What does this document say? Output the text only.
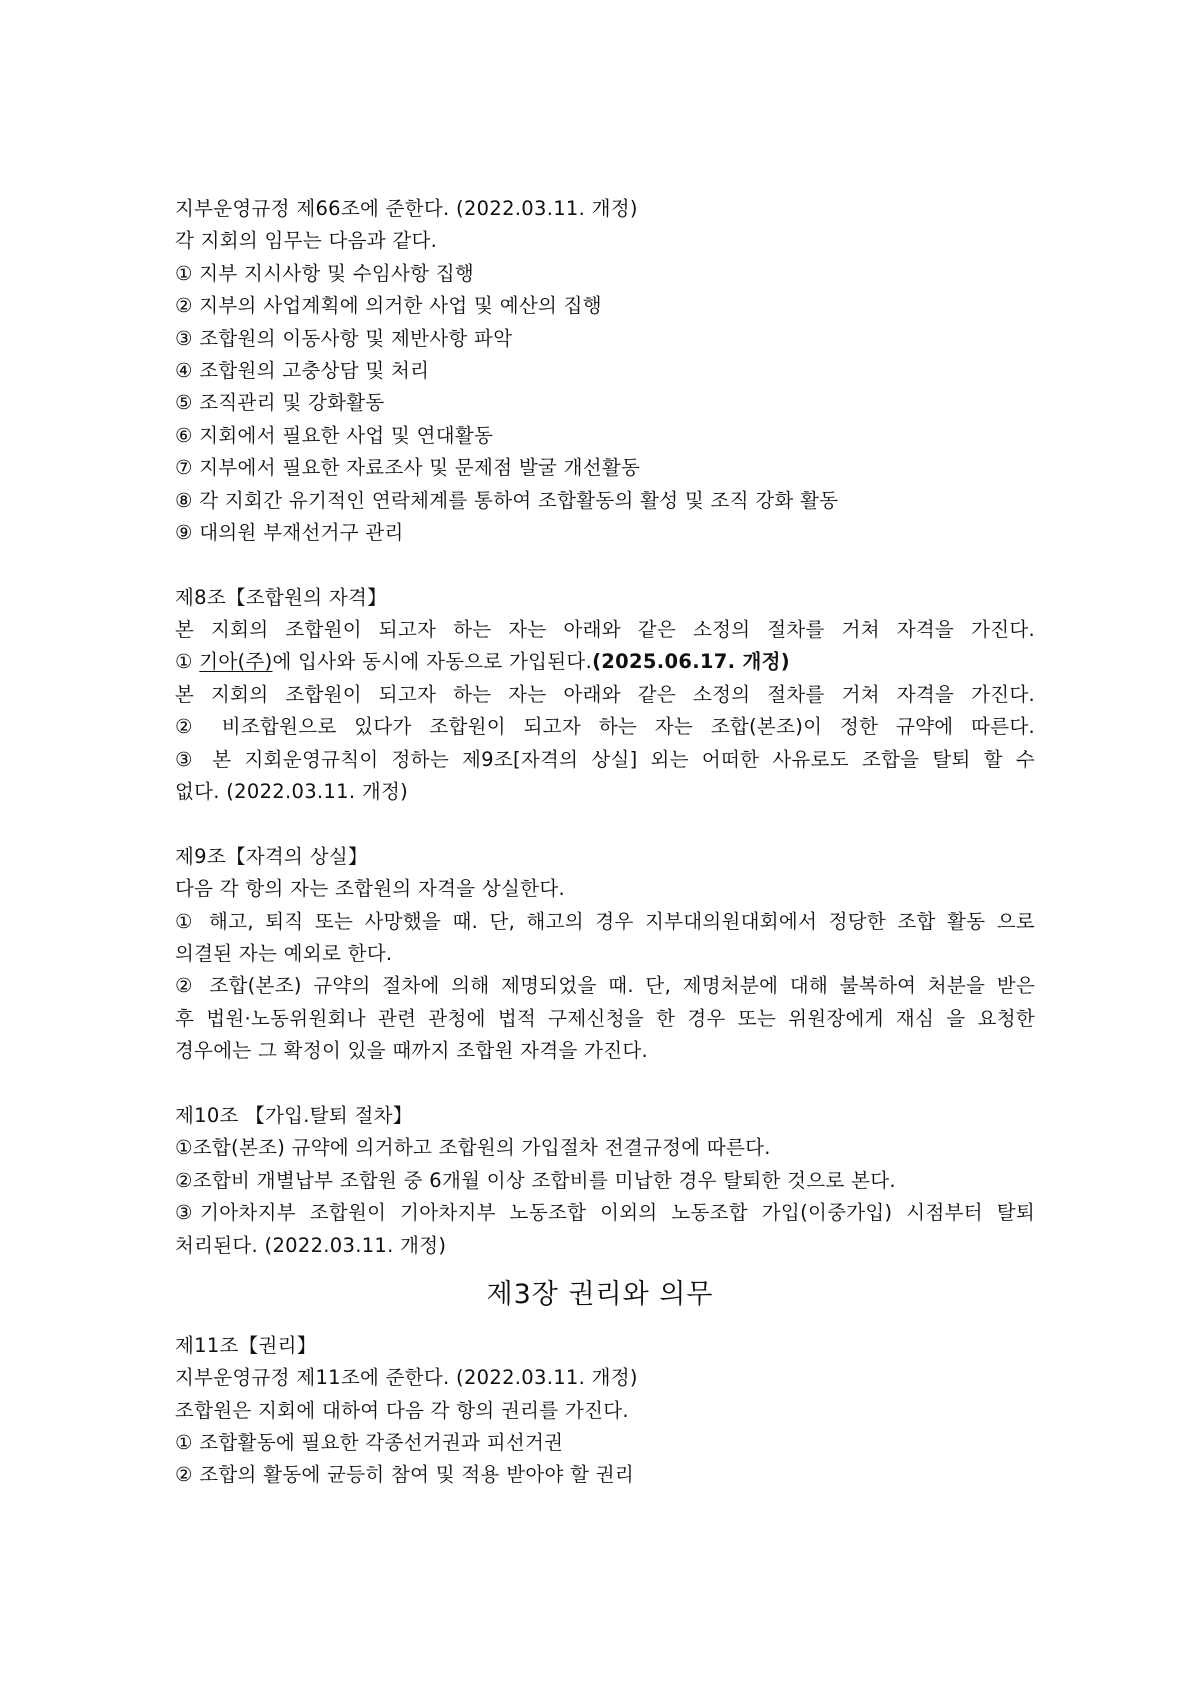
지부운영규정 제66조에 준한다. (2022.03.11. 개정)
각 지회의 임무는 다음과 같다.
① 지부 지시사항 및 수임사항 집행
② 지부의 사업계획에 의거한 사업 및 예산의 집행
③ 조합원의 이동사항 및 제반사항 파악
④ 조합원의 고충상담 및 처리
⑤ 조직관리 및 강화활동
⑥ 지회에서 필요한 사업 및 연대활동
⑦ 지부에서 필요한 자료조사 및 문제점 발굴 개선활동
⑧ 각 지회간 유기적인 연락체계를 통하여 조합활동의 활성 및 조직 강화 활동
⑨ 대의원 부재선거구 관리
제8조【조합원의 자격】
본 지회의 조합원이 되고자 하는 자는 아래와 같은 소정의 절차를 거쳐 자격을 가진다.
① 기아(주)에 입사와 동시에 자동으로 가입된다.(2025.06.17. 개정)
본 지회의 조합원이 되고자 하는 자는 아래와 같은 소정의 절차를 거쳐 자격을 가진다.
② 비조합원으로 있다가 조합원이 되고자 하는 자는 조합(본조)이 정한 규약에 따른다.
③ 본 지회운영규칙이 정하는 제9조[자격의 상실] 외는 어떠한 사유로도 조합을 탈퇴 할 수
없다. (2022.03.11. 개정)
제9조【자격의 상실】
다음 각 항의 자는 조합원의 자격을 상실한다.
① 해고, 퇴직 또는 사망했을 때. 단, 해고의 경우 지부대의원대회에서 정당한 조합 활동 으로
의결된 자는 예외로 한다.
② 조합(본조) 규약의 절차에 의해 제명되었을 때. 단, 제명처분에 대해 불복하여 처분을 받은
후 법원·노동위원회나 관련 관청에 법적 구제신청을 한 경우 또는 위원장에게 재심 을 요청한
경우에는 그 확정이 있을 때까지 조합원 자격을 가진다.
제10조 【가입.탈퇴 절차】
①조합(본조) 규약에 의거하고 조합원의 가입절차 전결규정에 따른다.
②조합비 개별납부 조합원 중 6개월 이상 조합비를 미납한 경우 탈퇴한 것으로 본다.
③기아차지부 조합원이 기아차지부 노동조합 이외의 노동조합 가입(이중가입) 시점부터 탈퇴
처리된다. (2022.03.11. 개정)
제3장 권리와 의무
제11조【권리】
지부운영규정 제11조에 준한다. (2022.03.11. 개정)
조합원은 지회에 대하여 다음 각 항의 권리를 가진다.
① 조합활동에 필요한 각종선거권과 피선거권
② 조합의 활동에 균등히 참여 및 적용 받아야 할 권리
